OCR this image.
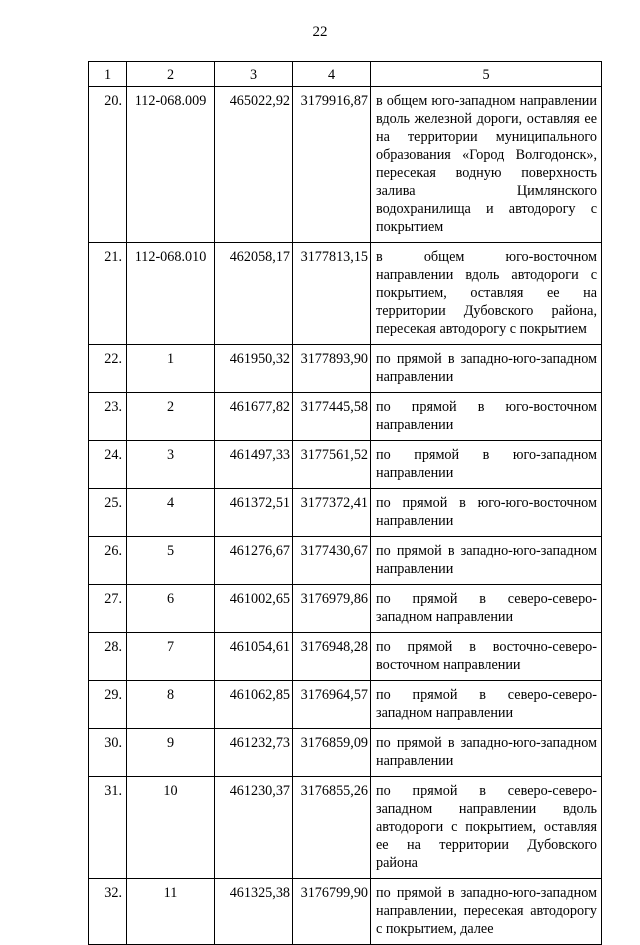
22
1	2	3	4	5
20.	112-068.009	465022,92	3179916,87	в общем юго-западном направлении вдоль железной дороги, оставляя ее на территории муниципального образования «Город Волгодонск», пересекая водную поверхность залива Цимлянского водохранилища и автодорогу с покрытием
21.	112-068.010	462058,17	3177813,15	в общем юго-восточном направлении вдоль автодороги с покрытием, оставляя ее на территории Дубовского района, пересекая автодорогу с покрытием
22.	1	461950,32	3177893,90	по прямой в западно-юго-западном направлении
23.	2	461677,82	3177445,58	по прямой в юго-восточном направлении
24.	3	461497,33	3177561,52	по прямой в юго-западном направлении
25.	4	461372,51	3177372,41	по прямой в юго-юго-восточном направлении
26.	5	461276,67	3177430,67	по прямой в западно-юго-западном направлении
27.	6	461002,65	3176979,86	по прямой в северо-северо-западном направлении
28.	7	461054,61	3176948,28	по прямой в восточно-северо-восточном направлении
29.	8	461062,85	3176964,57	по прямой в северо-северо-западном направлении
30.	9	461232,73	3176859,09	по прямой в западно-юго-западном направлении
31.	10	461230,37	3176855,26	по прямой в северо-северо-западном направлении вдоль автодороги с покрытием, оставляя ее на территории Дубовского района
32.	11	461325,38	3176799,90	по прямой в западно-юго-западном направлении, пересекая автодорогу с покрытием, далее
